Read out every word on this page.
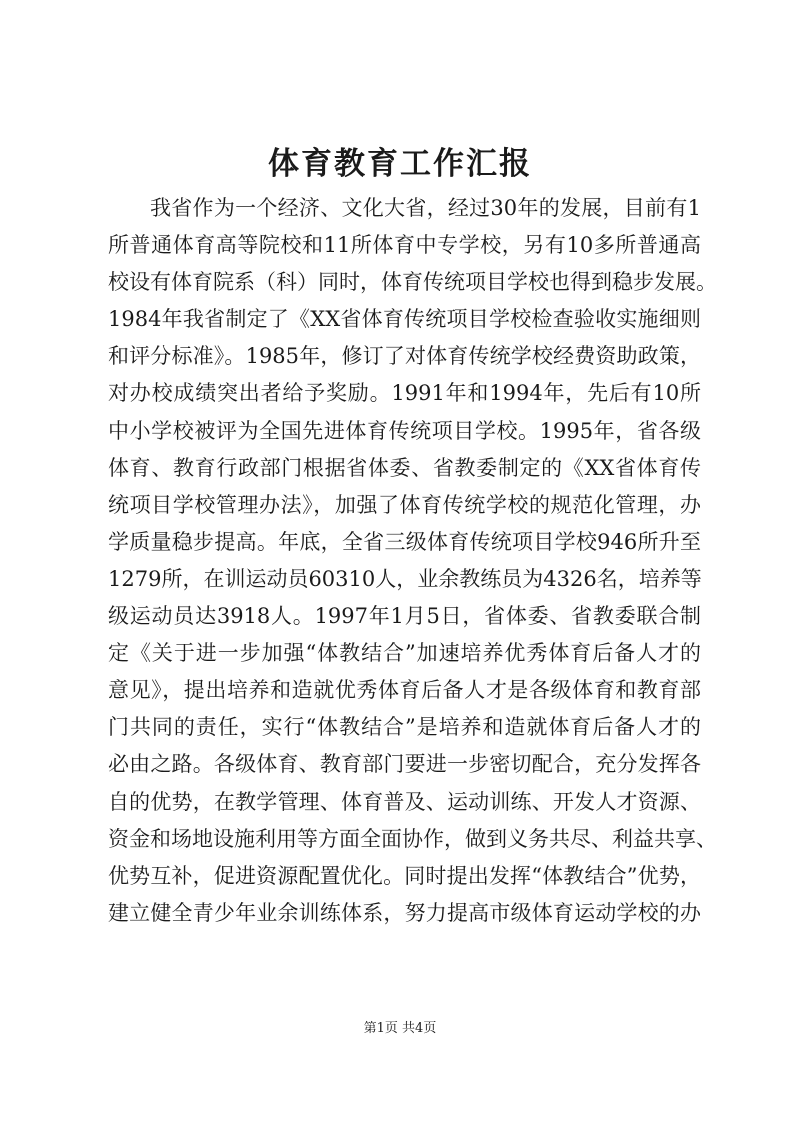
体育教育工作汇报
我省作为一个经济、文化大省，经过30年的发展，目前有1
所普通体育高等院校和11所体育中专学校，另有10多所普通高
校设有体育院系（科）同时，体育传统项目学校也得到稳步发展。
1984年我省制定了《XX省体育传统项目学校检查验收实施细则
和评分标准》。1985年，修订了对体育传统学校经费资助政策，
对办校成绩突出者给予奖励。1991年和1994年，先后有10所
中小学校被评为全国先进体育传统项目学校。1995年，省各级
体育、教育行政部门根据省体委、省教委制定的《XX省体育传
统项目学校管理办法》，加强了体育传统学校的规范化管理，办
学质量稳步提高。年底，全省三级体育传统项目学校946所升至
1279所，在训运动员60310人，业余教练员为4326名，培养等
级运动员达3918人。1997年1月5日，省体委、省教委联合制
定《关于进一步加强“体教结合”加速培养优秀体育后备人才的
意见》，提出培养和造就优秀体育后备人才是各级体育和教育部
门共同的责任，实行“体教结合”是培养和造就体育后备人才的
必由之路。各级体育、教育部门要进一步密切配合，充分发挥各
自的优势，在教学管理、体育普及、运动训练、开发人才资源、
资金和场地设施利用等方面全面协作，做到义务共尽、利益共享、
优势互补，促进资源配置优化。同时提出发挥“体教结合”优势，
建立健全青少年业余训练体系，努力提高市级体育运动学校的办
第1页 共4页
